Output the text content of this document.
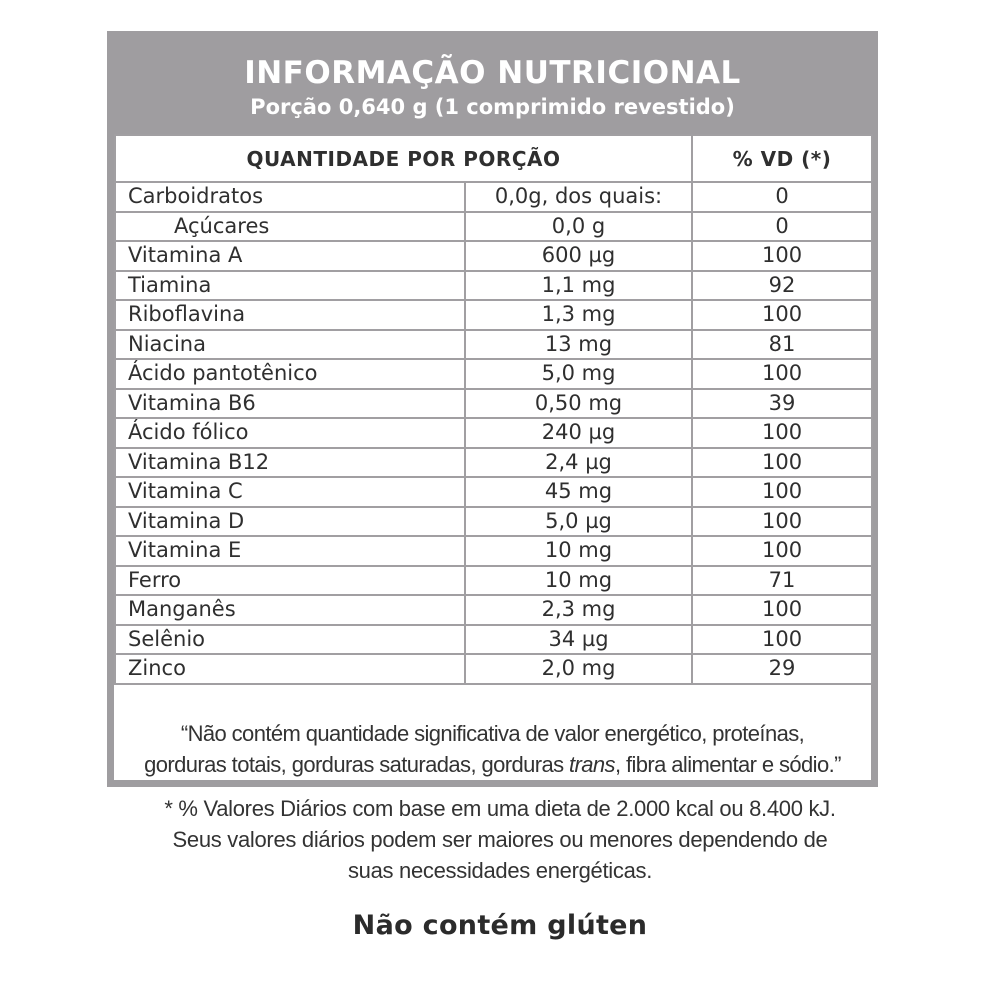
INFORMAÇÃO NUTRICIONAL
Porção 0,640 g (1 comprimido revestido)
QUANTIDADE POR PORÇÃO		% VD (*)
Carboidratos	0,0g, dos quais:	0
Açúcares	0,0 g	0
Vitamina A	600 µg	100
Tiamina	1,1 mg	92
Riboflavina	1,3 mg	100
Niacina	13 mg	81
Ácido pantotênico	5,0 mg	100
Vitamina B6	0,50 mg	39
Ácido fólico	240 µg	100
Vitamina B12	2,4 µg	100
Vitamina C	45 mg	100
Vitamina D	5,0 µg	100
Vitamina E	10 mg	100
Ferro	10 mg	71
Manganês	2,3 mg	100
Selênio	34 µg	100
Zinco	2,0 mg	29
“Não contém quantidade significativa de valor energético, proteínas,
gorduras totais, gorduras saturadas, gorduras trans, fibra alimentar e sódio.”
* % Valores Diários com base em uma dieta de 2.000 kcal ou 8.400 kJ.
Seus valores diários podem ser maiores ou menores dependendo de
suas necessidades energéticas.
Não contém glúten
